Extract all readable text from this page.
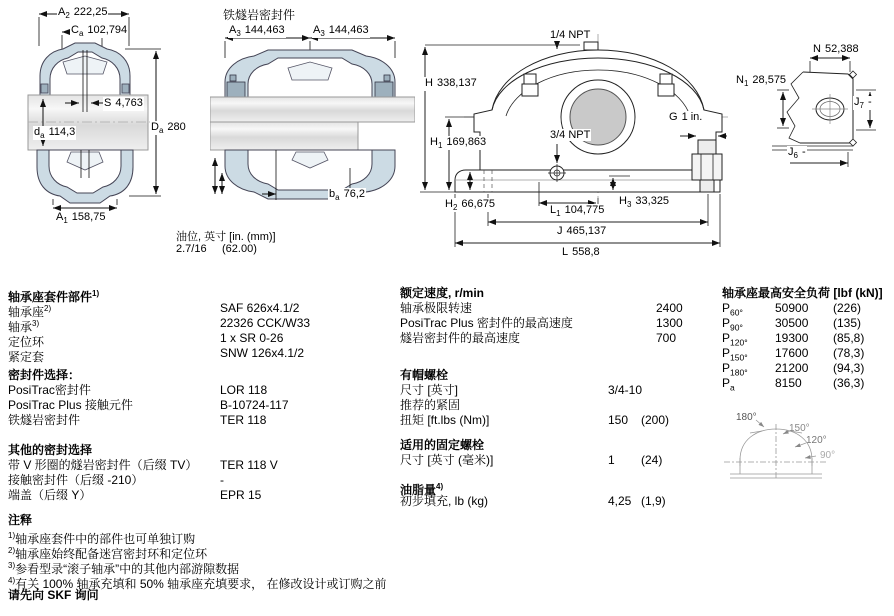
$A_2$ 222,25
$C_a$ 102,794
S 4,763
$d_a$ 114,3	$D_a$ 280
$A_1$ 158,75
铁燧岩密封件
$A_3$ 144,463	$A_3$ 144,463
$b_a$ 76,2
油位, 英寸 [in. (mm)]
2.7/16 (62.00)
1/4 NPT
H 338,137
3/4 NPT
G 1 in.
$H_1$ 169,863
$H_2$ 66,675	$H_3$ 33,325
$L_1$ 104,775
J 465,137
L 558,8
N 52,388
$N_1$ 28,575
$J_7$ -
$J_6$ -
180°
150°
120°
90°
轴承座套件部件$^{1)}$
轴承座$^{2)}$	SAF 626x4.1/2
轴承$^{3)}$	22326 CCK/W33
定位环	1 x SR 0-26
紧定套	SNW 126x4.1/2
密封件选择：
PosiTrac密封件	LOR 118
PosiTrac Plus 接触元件	B-10724-117
铁燧岩密封件	TER 118
其他的密封选择
带 V 形圈的燧岩密封件（后缀 TV） TER 118 V
接触密封件（后缀 -210）	-
端盖（后缀 Y）	EPR 15
注释
$^{1)}$轴承座套件中的部件也可单独订购
$^{2)}$轴承座始终配备迷宫密封环和定位环
$^{3)}$参看型录“滚子轴承”中的其他内部游隙数据
$^{4)}$有关 100% 轴承充填和 50% 轴承座充填要求， 在修改设计或订购之前
请先向 SKF 询问
额定速度, r/min
轴承极限转速	2400
PosiTrac Plus 密封件的最高速度	1300
燧岩密封件的最高速度	700
有帽螺栓
尺寸 [英寸]	3/4-10
推荐的紧固
扭矩 [ft.lbs (Nm)]	150 (200)
适用的固定螺栓
尺寸 [英寸 (毫米)]	1 (24)
油脂量$^{4)}$
初步填充, lb (kg)	4,25 (1,9)
轴承座最高安全负荷 [lbf (kN)]
$P_{60^\circ}$	50900 (226)
$P_{90^\circ}$	30500 (135)
$P_{120^\circ}$ 19300 (85,8)
$P_{150^\circ}$ 17600 (78,3)
$P_{180^\circ}$ 21200 (94,3)
$P_a$	8150	(36,3)
